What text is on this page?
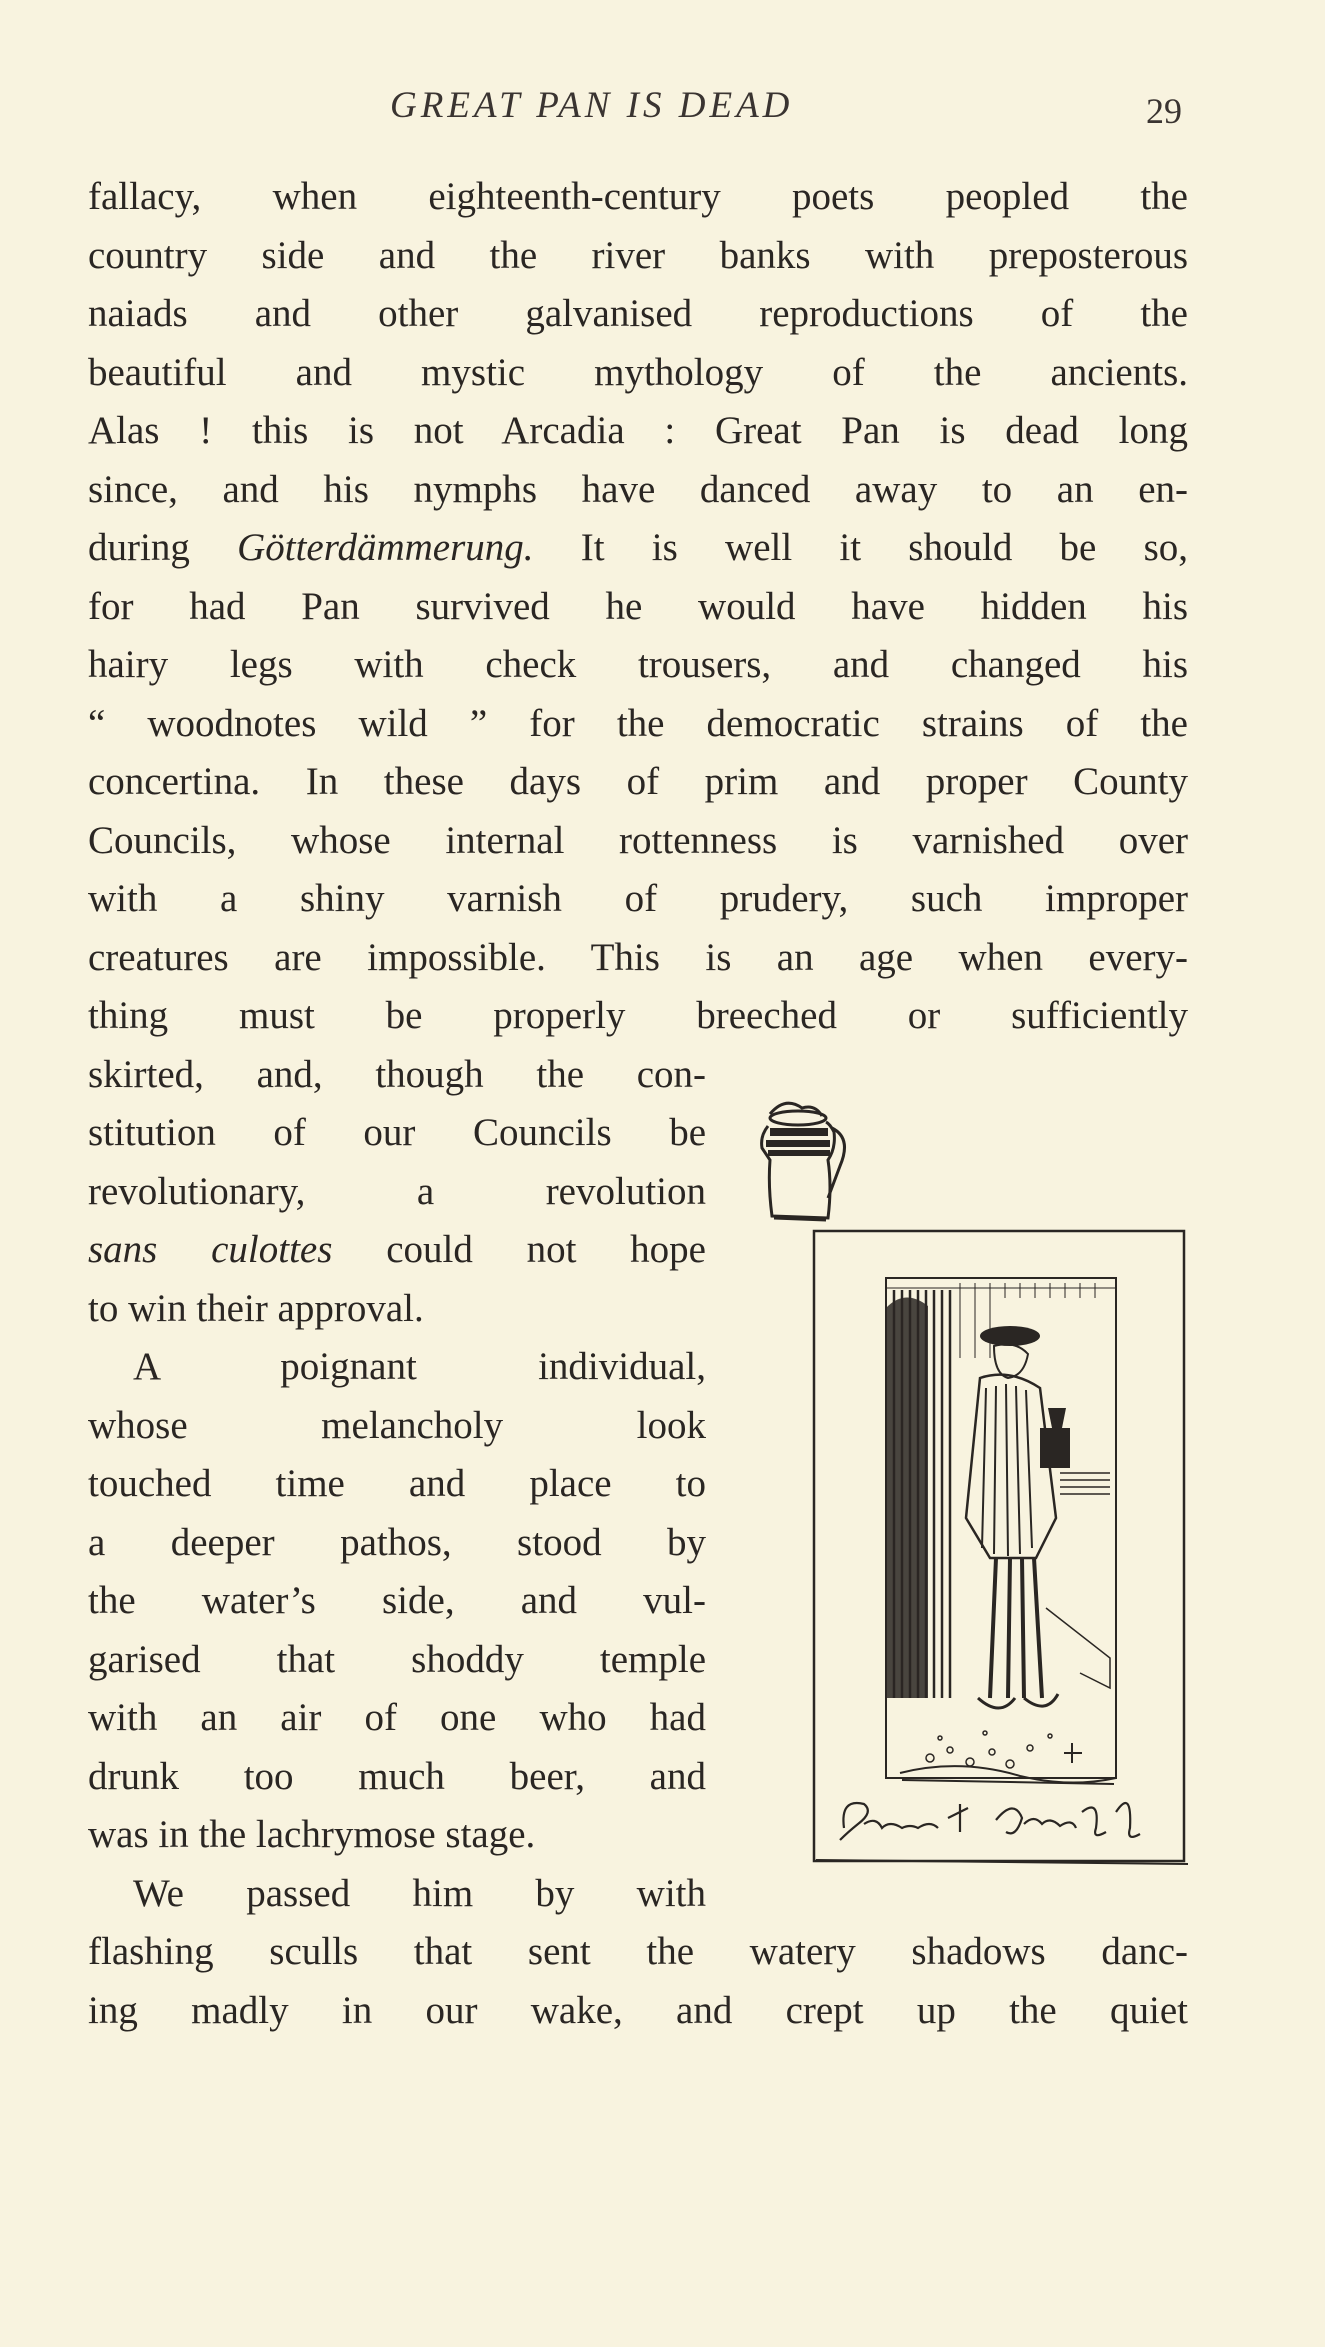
GREAT PAN IS DEAD	29
fallacy, when eighteenth-century poets peopled the
country side and the river banks with preposterous
naiads and other galvanised reproductions of the
beautiful and mystic mythology of the ancients.
Alas ! this is not Arcadia : Great Pan is dead long
since, and his nymphs have danced away to an en-
during Götterdämmerung. It is well it should be so,
for had Pan survived he would have hidden his
hairy legs with check trousers, and changed his
“ woodnotes wild ” for the democratic strains of the
concertina. In these days of prim and proper County
Councils, whose internal rottenness is varnished over
with a shiny varnish of prudery, such improper
creatures are impossible. This is an age when every-
thing must be properly breeched or sufficiently
skirted, and, though the con-
stitution of our Councils be
revolutionary, a revolution
sans culottes could not hope
to win their approval.
A poignant individual,
whose melancholy look
touched time and place to
a deeper pathos, stood by
the water’s side, and vul-
garised that shoddy temple
with an air of one who had
drunk too much beer, and
was in the lachrymose stage.
We passed him by with
flashing sculls that sent the watery shadows danc-
ing madly in our wake, and crept up the quiet
